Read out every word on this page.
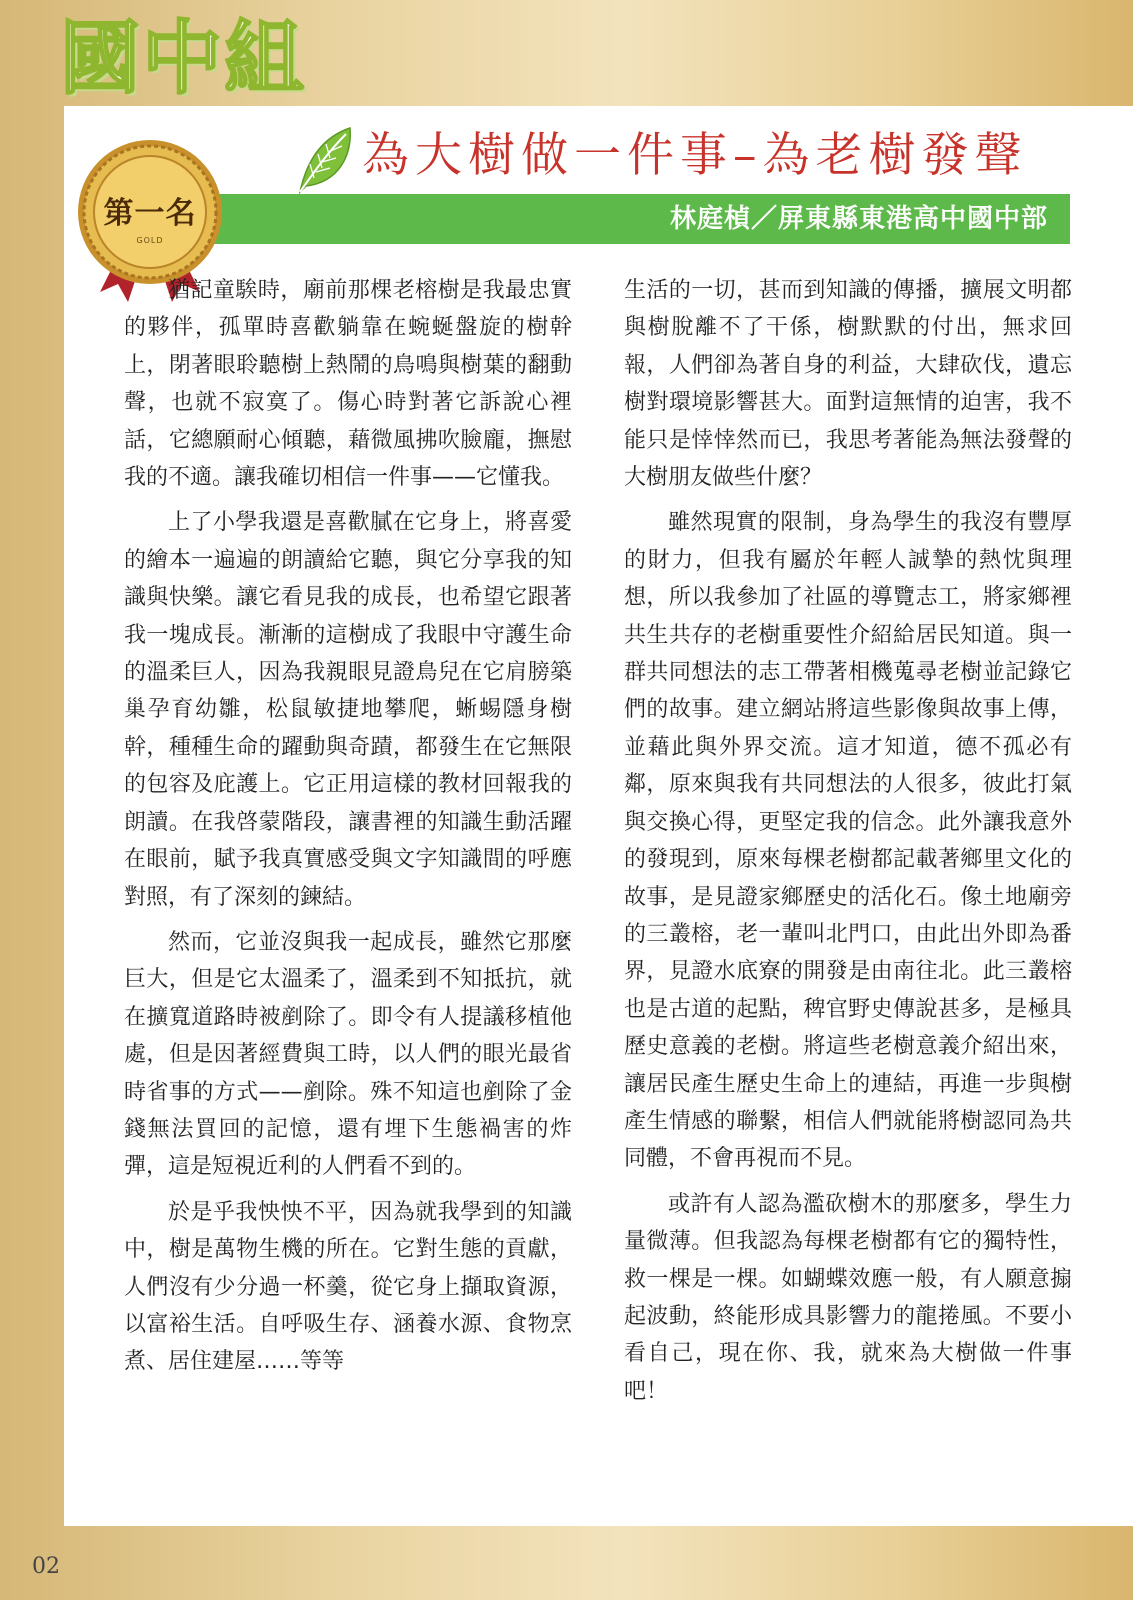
國中組
為大樹做一件事–為老樹發聲
林庭楨／屏東縣東港高中國中部
第一名
GOLD

猶記童騃時，廟前那棵老榕樹是我最忠實的夥伴，孤單時喜歡躺靠在蜿蜒盤旋的樹幹上，閉著眼聆聽樹上熱鬧的鳥鳴與樹葉的翻動聲，也就不寂寞了。傷心時對著它訴說心裡話，它總願耐心傾聽，藉微風拂吹臉龐，撫慰我的不適。讓我確切相信一件事——它懂我。

上了小學我還是喜歡膩在它身上，將喜愛的繪本一遍遍的朗讀給它聽，與它分享我的知識與快樂。讓它看見我的成長，也希望它跟著我一塊成長。漸漸的這樹成了我眼中守護生命的溫柔巨人，因為我親眼見證鳥兒在它肩膀築巢孕育幼雛，松鼠敏捷地攀爬，蜥蜴隱身樹幹，種種生命的躍動與奇蹟，都發生在它無限的包容及庇護上。它正用這樣的教材回報我的朗讀。在我啓蒙階段，讓書裡的知識生動活躍在眼前，賦予我真實感受與文字知識間的呼應對照，有了深刻的鍊結。

然而，它並沒與我一起成長，雖然它那麼巨大，但是它太溫柔了，溫柔到不知抵抗，就在擴寬道路時被剷除了。即令有人提議移植他處，但是因著經費與工時，以人們的眼光最省時省事的方式——剷除。殊不知這也剷除了金錢無法買回的記憶，還有埋下生態禍害的炸彈，這是短視近利的人們看不到的。

於是乎我怏怏不平，因為就我學到的知識中，樹是萬物生機的所在。它對生態的貢獻，人們沒有少分過一杯羹，從它身上擷取資源，以富裕生活。自呼吸生存、涵養水源、食物烹煮、居住建屋……等等

生活的一切，甚而到知識的傳播，擴展文明都與樹脫離不了干係，樹默默的付出，無求回報，人們卻為著自身的利益，大肆砍伐，遺忘樹對環境影響甚大。面對這無情的迫害，我不能只是悻悻然而已，我思考著能為無法發聲的大樹朋友做些什麼？

雖然現實的限制，身為學生的我沒有豐厚的財力，但我有屬於年輕人誠摯的熱忱與理想，所以我參加了社區的導覽志工，將家鄉裡共生共存的老樹重要性介紹給居民知道。與一群共同想法的志工帶著相機蒐尋老樹並記錄它們的故事。建立網站將這些影像與故事上傳，並藉此與外界交流。這才知道，德不孤必有鄰，原來與我有共同想法的人很多，彼此打氣與交換心得，更堅定我的信念。此外讓我意外的發現到，原來每棵老樹都記載著鄉里文化的故事，是見證家鄉歷史的活化石。像土地廟旁的三叢榕，老一輩叫北門口，由此出外即為番界，見證水底寮的開發是由南往北。此三叢榕也是古道的起點，稗官野史傳說甚多，是極具歷史意義的老樹。將這些老樹意義介紹出來，讓居民產生歷史生命上的連結，再進一步與樹產生情感的聯繫，相信人們就能將樹認同為共同體，不會再視而不見。

或許有人認為濫砍樹木的那麼多，學生力量微薄。但我認為每棵老樹都有它的獨特性，救一棵是一棵。如蝴蝶效應一般，有人願意搧起波動，終能形成具影響力的龍捲風。不要小看自己，現在你、我，就來為大樹做一件事吧！

02
